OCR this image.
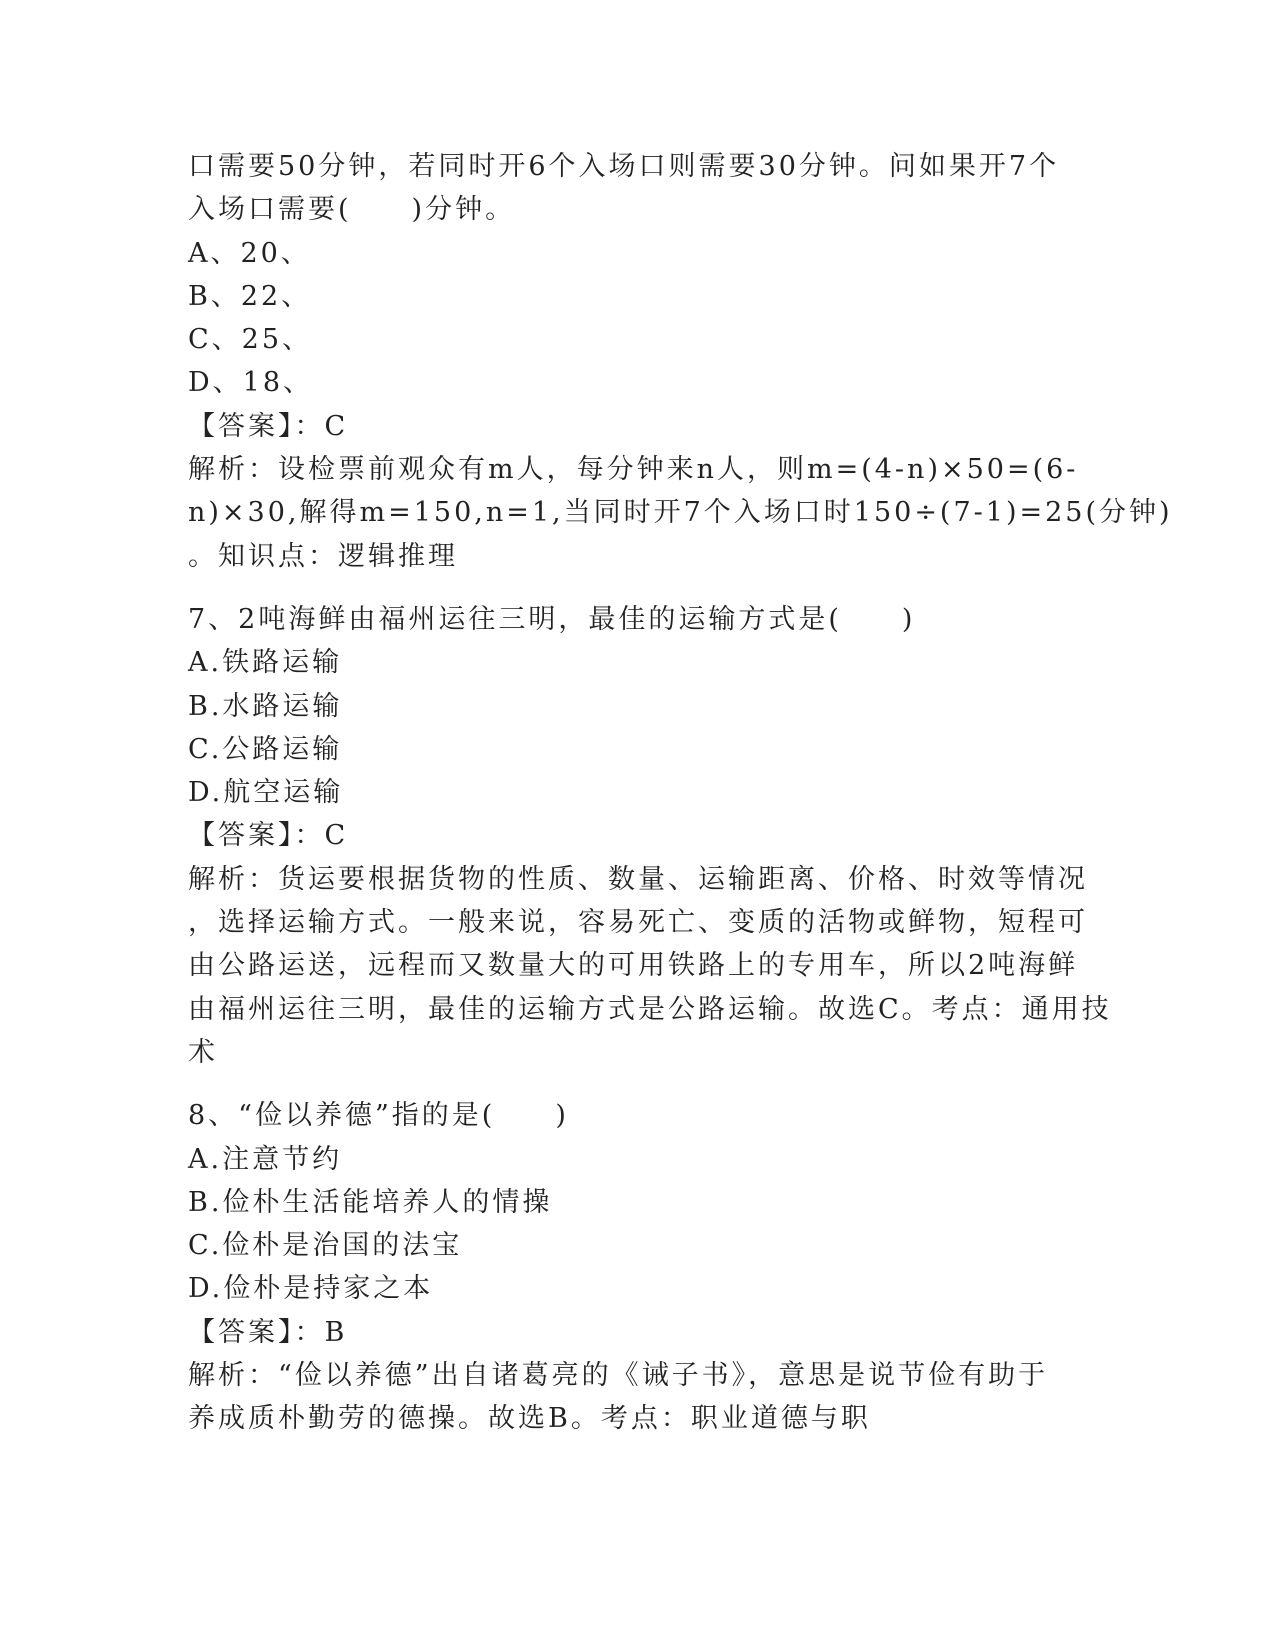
口需要50分钟，若同时开6个入场口则需要30分钟。问如果开7个
入场口需要(　　)分钟。
A、20、
B、22、
C、25、
D、18、
【答案】：C
解析：设检票前观众有m人，每分钟来n人，则m=(4-n)×50=(6-
n)×30,解得m=150,n=1,当同时开7个入场口时150÷(7-1)=25(分钟)
。知识点：逻辑推理
7、2吨海鲜由福州运往三明，最佳的运输方式是(　　)
A.铁路运输
B.水路运输
C.公路运输
D.航空运输
【答案】：C
解析：货运要根据货物的性质、数量、运输距离、价格、时效等情况
，选择运输方式。一般来说，容易死亡、变质的活物或鲜物，短程可
由公路运送，远程而又数量大的可用铁路上的专用车，所以2吨海鲜
由福州运往三明，最佳的运输方式是公路运输。故选C。考点：通用技
术
8、“俭以养德”指的是(　　)
A.注意节约
B.俭朴生活能培养人的情操
C.俭朴是治国的法宝
D.俭朴是持家之本
【答案】：B
解析：“俭以养德”出自诸葛亮的《诫子书》，意思是说节俭有助于
养成质朴勤劳的德操。故选B。考点：职业道德与职
